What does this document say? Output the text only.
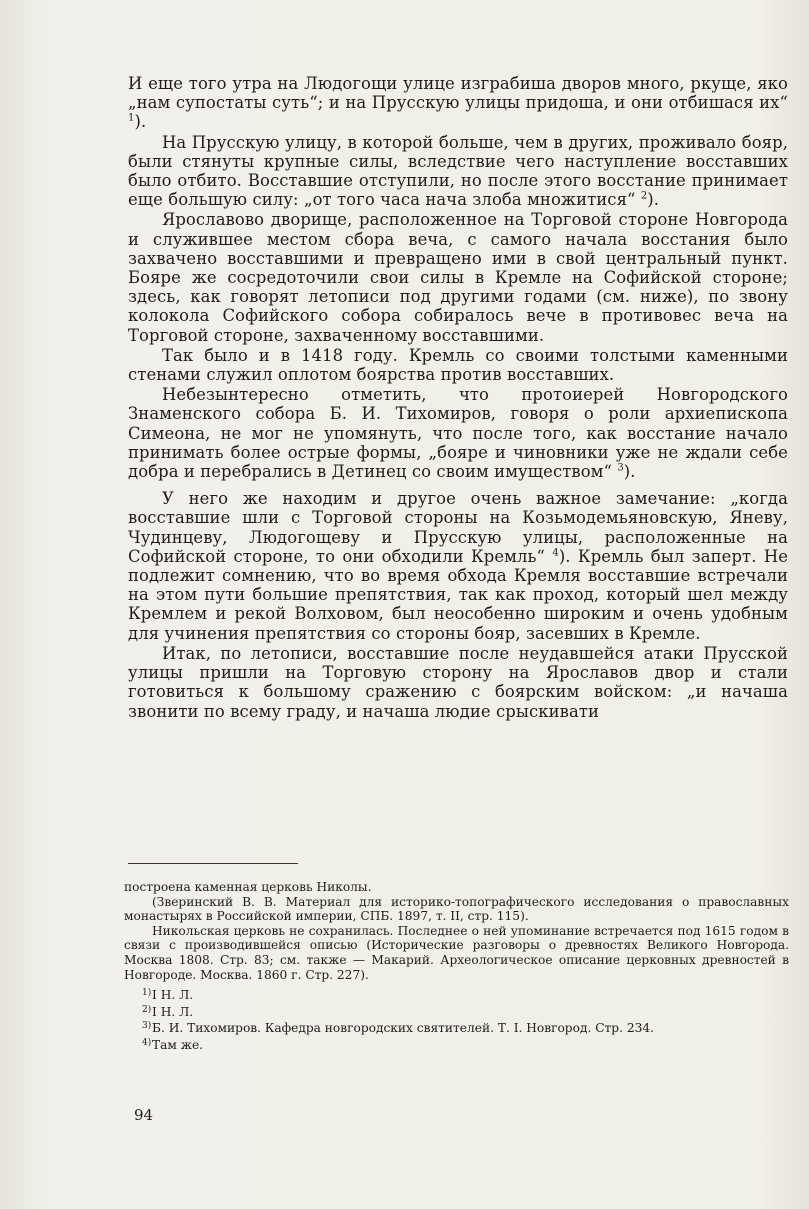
И еще того утра на Людогощи улице изграбиша дворов много, ркуще, яко „нам супостаты суть“; и на Прусскую улицы придоша, и они отбишася их“ $^1$).

На Прусскую улицу, в которой больше, чем в других, проживало бояр, были стянуты крупные силы, вследствие чего наступление восставших было отбито. Восставшие отступили, но после этого восстание принимает еще большую силу: „от того часа нача злоба множитися“ $^2$).

Ярославово дворище, расположенное на Торговой стороне Новгорода и служившее местом сбора веча, с самого начала восстания было захвачено восставшими и превращено ими в свой центральный пункт. Бояре же сосредоточили свои силы в Кремле на Софийской стороне; здесь, как говорят летописи под другими годами (см. ниже), по звону колокола Софийского собора собиралось вече в противовес веча на Торговой стороне, захваченному восставшими.

Так было и в 1418 году. Кремль со своими толстыми каменными стенами служил оплотом боярства против восставших.

Небезынтересно отметить, что протоиерей Новгородского Знаменского собора Б. И. Тихомиров, говоря о роли архиепископа Симеона, не мог не упомянуть, что после того, как восстание начало принимать более острые формы, „бояре и чиновники уже не ждали себе добра и перебрались в Детинец со своим имуществом“ $^3$).

У него же находим и другое очень важное замечание: „когда восставшие шли с Торговой стороны на Козьмодемьяновскую, Яневу, Чудинцеву, Людогощеву и Прусскую улицы, расположенные на Софийской стороне, то они обходили Кремль“ $^4$). Кремль был заперт. Не подлежит сомнению, что во время обхода Кремля восставшие встречали на этом пути большие препятствия, так как проход, который шел между Кремлем и рекой Волховом, был неособенно широким и очень удобным для учинения препятствия со стороны бояр, засевших в Кремле.

Итак, по летописи, восставшие после неудавшейся атаки Прусской улицы пришли на Торговую сторону на Ярославов двор и стали готовиться к большому сражению с боярским войском: „и начаша звонити по всему граду, и начаша людие срыскивати

построена каменная церковь Николы.

(Зверинский В. В. Материал для историко-топографического исследования о православных монастырях в Российской империи, СПБ. 1897, т. II, стр. 115).

Никольская церковь не сохранилась. Последнее о ней упоминание встречается под 1615 годом в связи с производившейся описью (Исторические разговоры о древностях Великого Новгорода. Москва 1808. Стр. 83; см. также — Макарий. Археологическое описание церковных древностей в Новгороде. Москва. 1860 г. Стр. 227).

1) I Н. Л.
2) I Н. Л.
3) Б. И. Тихомиров. Кафедра новгородских святителей. Т. I. Новгород. Стр. 234.
4) Там же.
94
